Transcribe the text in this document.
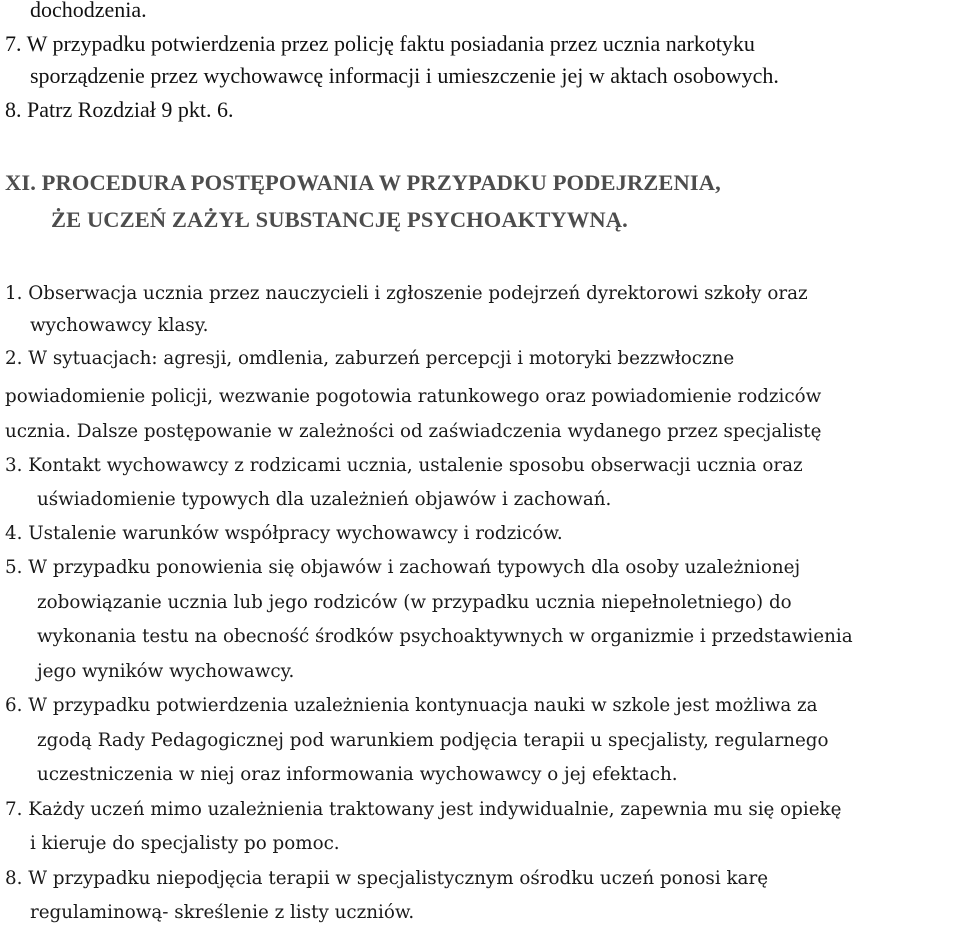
dochodzenia.
7. W przypadku potwierdzenia przez policję faktu posiadania przez ucznia narkotyku
sporządzenie przez wychowawcę informacji i umieszczenie jej w aktach osobowych.
8. Patrz Rozdział 9 pkt. 6.
XI. PROCEDURA POSTĘPOWANIA W PRZYPADKU PODEJRZENIA,
ŻE UCZEŃ ZAŻYŁ SUBSTANCJĘ PSYCHOAKTYWNĄ.
1. Obserwacja ucznia przez nauczycieli i zgłoszenie podejrzeń dyrektorowi szkoły oraz
wychowawcy klasy.
2. W sytuacjach: agresji, omdlenia, zaburzeń percepcji i motoryki bezzwłoczne
powiadomienie policji, wezwanie pogotowia ratunkowego oraz powiadomienie rodziców
ucznia. Dalsze postępowanie w zależności od zaświadczenia wydanego przez specjalistę
3. Kontakt wychowawcy z rodzicami ucznia, ustalenie sposobu obserwacji ucznia oraz
uświadomienie typowych dla uzależnień objawów i zachowań.
4. Ustalenie warunków współpracy wychowawcy i rodziców.
5. W przypadku ponowienia się objawów i zachowań typowych dla osoby uzależnionej
zobowiązanie ucznia lub jego rodziców (w przypadku ucznia niepełnoletniego) do
wykonania testu na obecność środków psychoaktywnych w organizmie i przedstawienia
jego wyników wychowawcy.
6. W przypadku potwierdzenia uzależnienia kontynuacja nauki w szkole jest możliwa za
zgodą Rady Pedagogicznej pod warunkiem podjęcia terapii u specjalisty, regularnego
uczestniczenia w niej oraz informowania wychowawcy o jej efektach.
7. Każdy uczeń mimo uzależnienia traktowany jest indywidualnie, zapewnia mu się opiekę
i kieruje do specjalisty po pomoc.
8. W przypadku niepodjęcia terapii w specjalistycznym ośrodku uczeń ponosi karę
regulaminową- skreślenie z listy uczniów.
